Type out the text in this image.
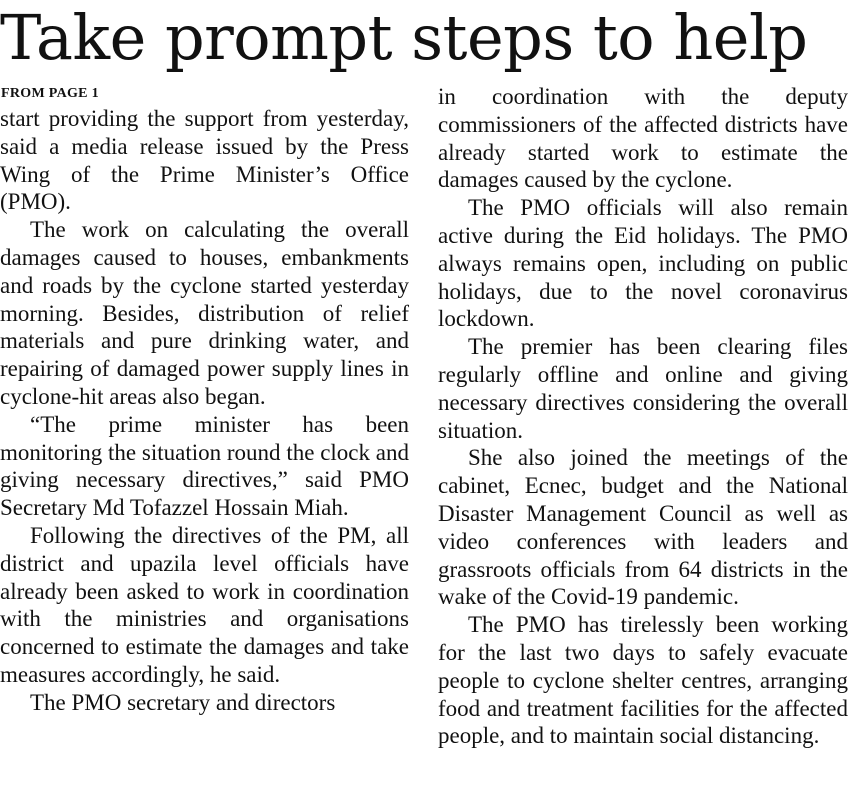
Take prompt steps to help
FROM PAGE 1

start providing the support from yesterday, said a media release issued by the Press Wing of the Prime Minister’s Office (PMO).

The work on calculating the overall damages caused to houses, embankments and roads by the cyclone started yesterday morning. Besides, distribution of relief materials and pure drinking water, and repairing of damaged power supply lines in cyclone-hit areas also began.

“The prime minister has been monitoring the situation round the clock and giving necessary directives,” said PMO Secretary Md Tofazzel Hossain Miah.

Following the directives of the PM, all district and upazila level officials have already been asked to work in coordination with the ministries and organisations concerned to estimate the damages and take measures accordingly, he said.

The PMO secretary and directors

in coordination with the deputy commissioners of the affected districts have already started work to estimate the damages caused by the cyclone.

The PMO officials will also remain active during the Eid holidays. The PMO always remains open, including on public holidays, due to the novel coronavirus lockdown.

The premier has been clearing files regularly offline and online and giving necessary directives considering the overall situation.

She also joined the meetings of the cabinet, Ecnec, budget and the National Disaster Management Council as well as video conferences with leaders and grassroots officials from 64 districts in the wake of the Covid-19 pandemic.

The PMO has tirelessly been working for the last two days to safely evacuate people to cyclone shelter centres, arranging food and treatment facilities for the affected people, and to maintain social distancing.
